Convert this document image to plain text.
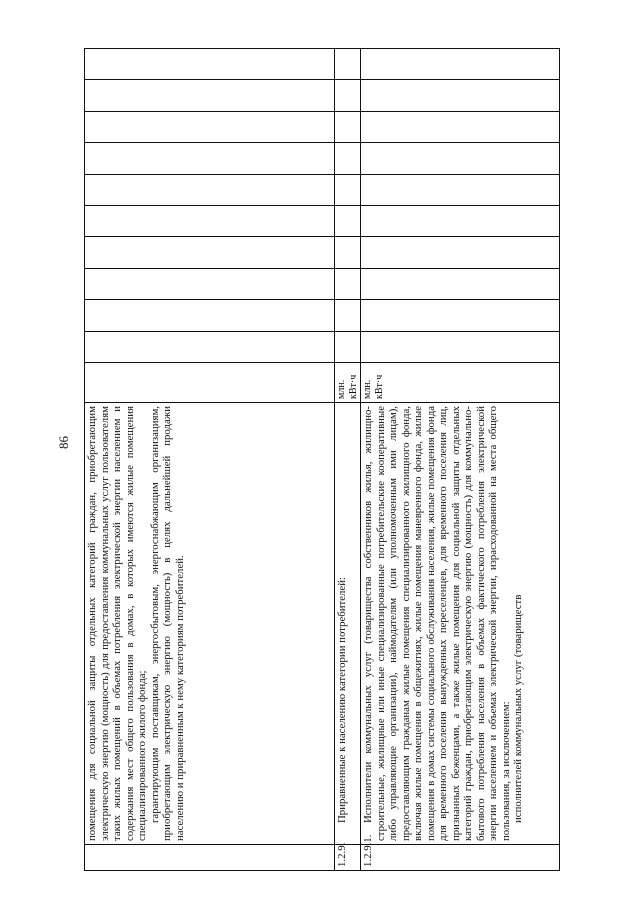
86
	помещения для социальной защиты отдельных категорий граждан, приобретающим электрическую энергию (мощность) для предоставления коммунальных услуг пользователям таких жилых помещений в объемах потребления электрической энергии населением и содержания мест общего пользования в домах, в которых имеются жилые помещения специализированного жилого фонда; гарантирующим поставщикам, энергосбытовым, энергоснабжающим организациям, приобретающим электрическую энергию (мощность) в целях дальнейшей продажи населению и приравненным к нему категориям потребителей.											

1.2.9.	Приравненные к населению категории потребителей:	млн. кВт·ч										
1.2.9.1.	Исполнители коммунальных услуг (товарищества собственников жилья, жилищно-строительные, жилищные или иные специализированные потребительские кооперативные либо управляющие организации), наймодателям (или уполномоченным ими лицам), предоставляющим гражданам жилые помещения специализированного жилищного фонда, включая жилые помещения в общежитиях, жилые помещения маневренного фонда, жилые помещения в домах системы социального обслуживания населения, жилые помещения фонда для временного поселения вынужденных переселенцев, для временного поселения лиц, признанных беженцами, а также жилые помещения для социальной защиты отдельных категорий граждан, приобретающим электрическую энергию (мощность) для коммунально-бытового потребления населения в объемах фактического потребления электрической энергии населением и объемах электрической энергии, израсходованной на места общего пользования, за исключением: исполнителей коммунальных услуг (товариществ	млн. кВт·ч										
